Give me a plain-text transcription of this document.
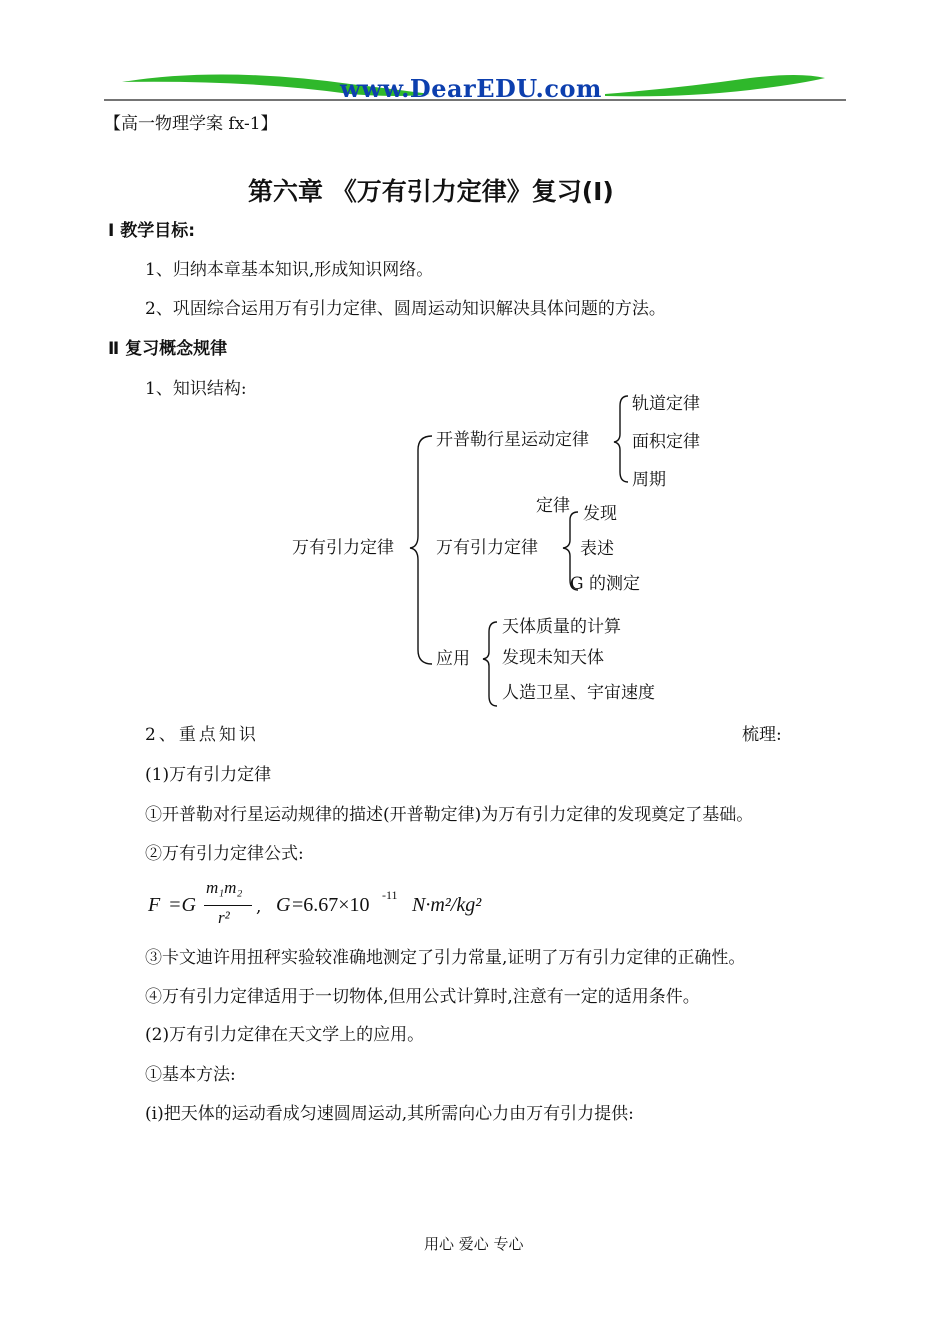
www.DearEDU.com
【高一物理学案 fx-1】
第六章 《万有引力定律》复习(Ⅰ)
Ⅰ 教学目标:
1、归纳本章基本知识,形成知识网络。
2、巩固综合运用万有引力定律、圆周运动知识解决具体问题的方法。
Ⅱ 复习概念规律
1、知识结构:
万有引力定律
开普勒行星运动定律
轨道定律
面积定律
周期
定律
万有引力定律
发现
表述
G 的测定
应用
天体质量的计算
发现未知天体
人造卫星、宇宙速度
2、重点知识	梳理:
(1)万有引力定律
①开普勒对行星运动规律的描述(开普勒定律)为万有引力定律的发现奠定了基础。
②万有引力定律公式:
F =G
m₁m₂
r²
, G =6.67×10 -11 N·m²/kg²
③卡文迪许用扭秤实验较准确地测定了引力常量,证明了万有引力定律的正确性。
④万有引力定律适用于一切物体,但用公式计算时,注意有一定的适用条件。
(2)万有引力定律在天文学上的应用。
①基本方法:
(i)把天体的运动看成匀速圆周运动,其所需向心力由万有引力提供:
用心 爱心 专心
